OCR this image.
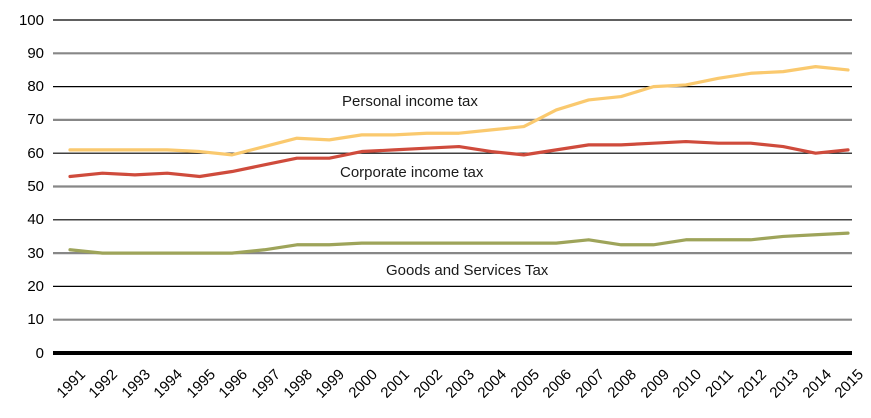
0
10
20
30
40
50
60
70
80
90
100
1991
1992
1993
1994
1995
1996
1997
1998
1999
2000
2001
2002
2003
2004
2005
2006
2007
2008
2009
2010
2011
2012
2013
2014
2015
Personal income tax
Corporate income tax
Goods and Services Tax
